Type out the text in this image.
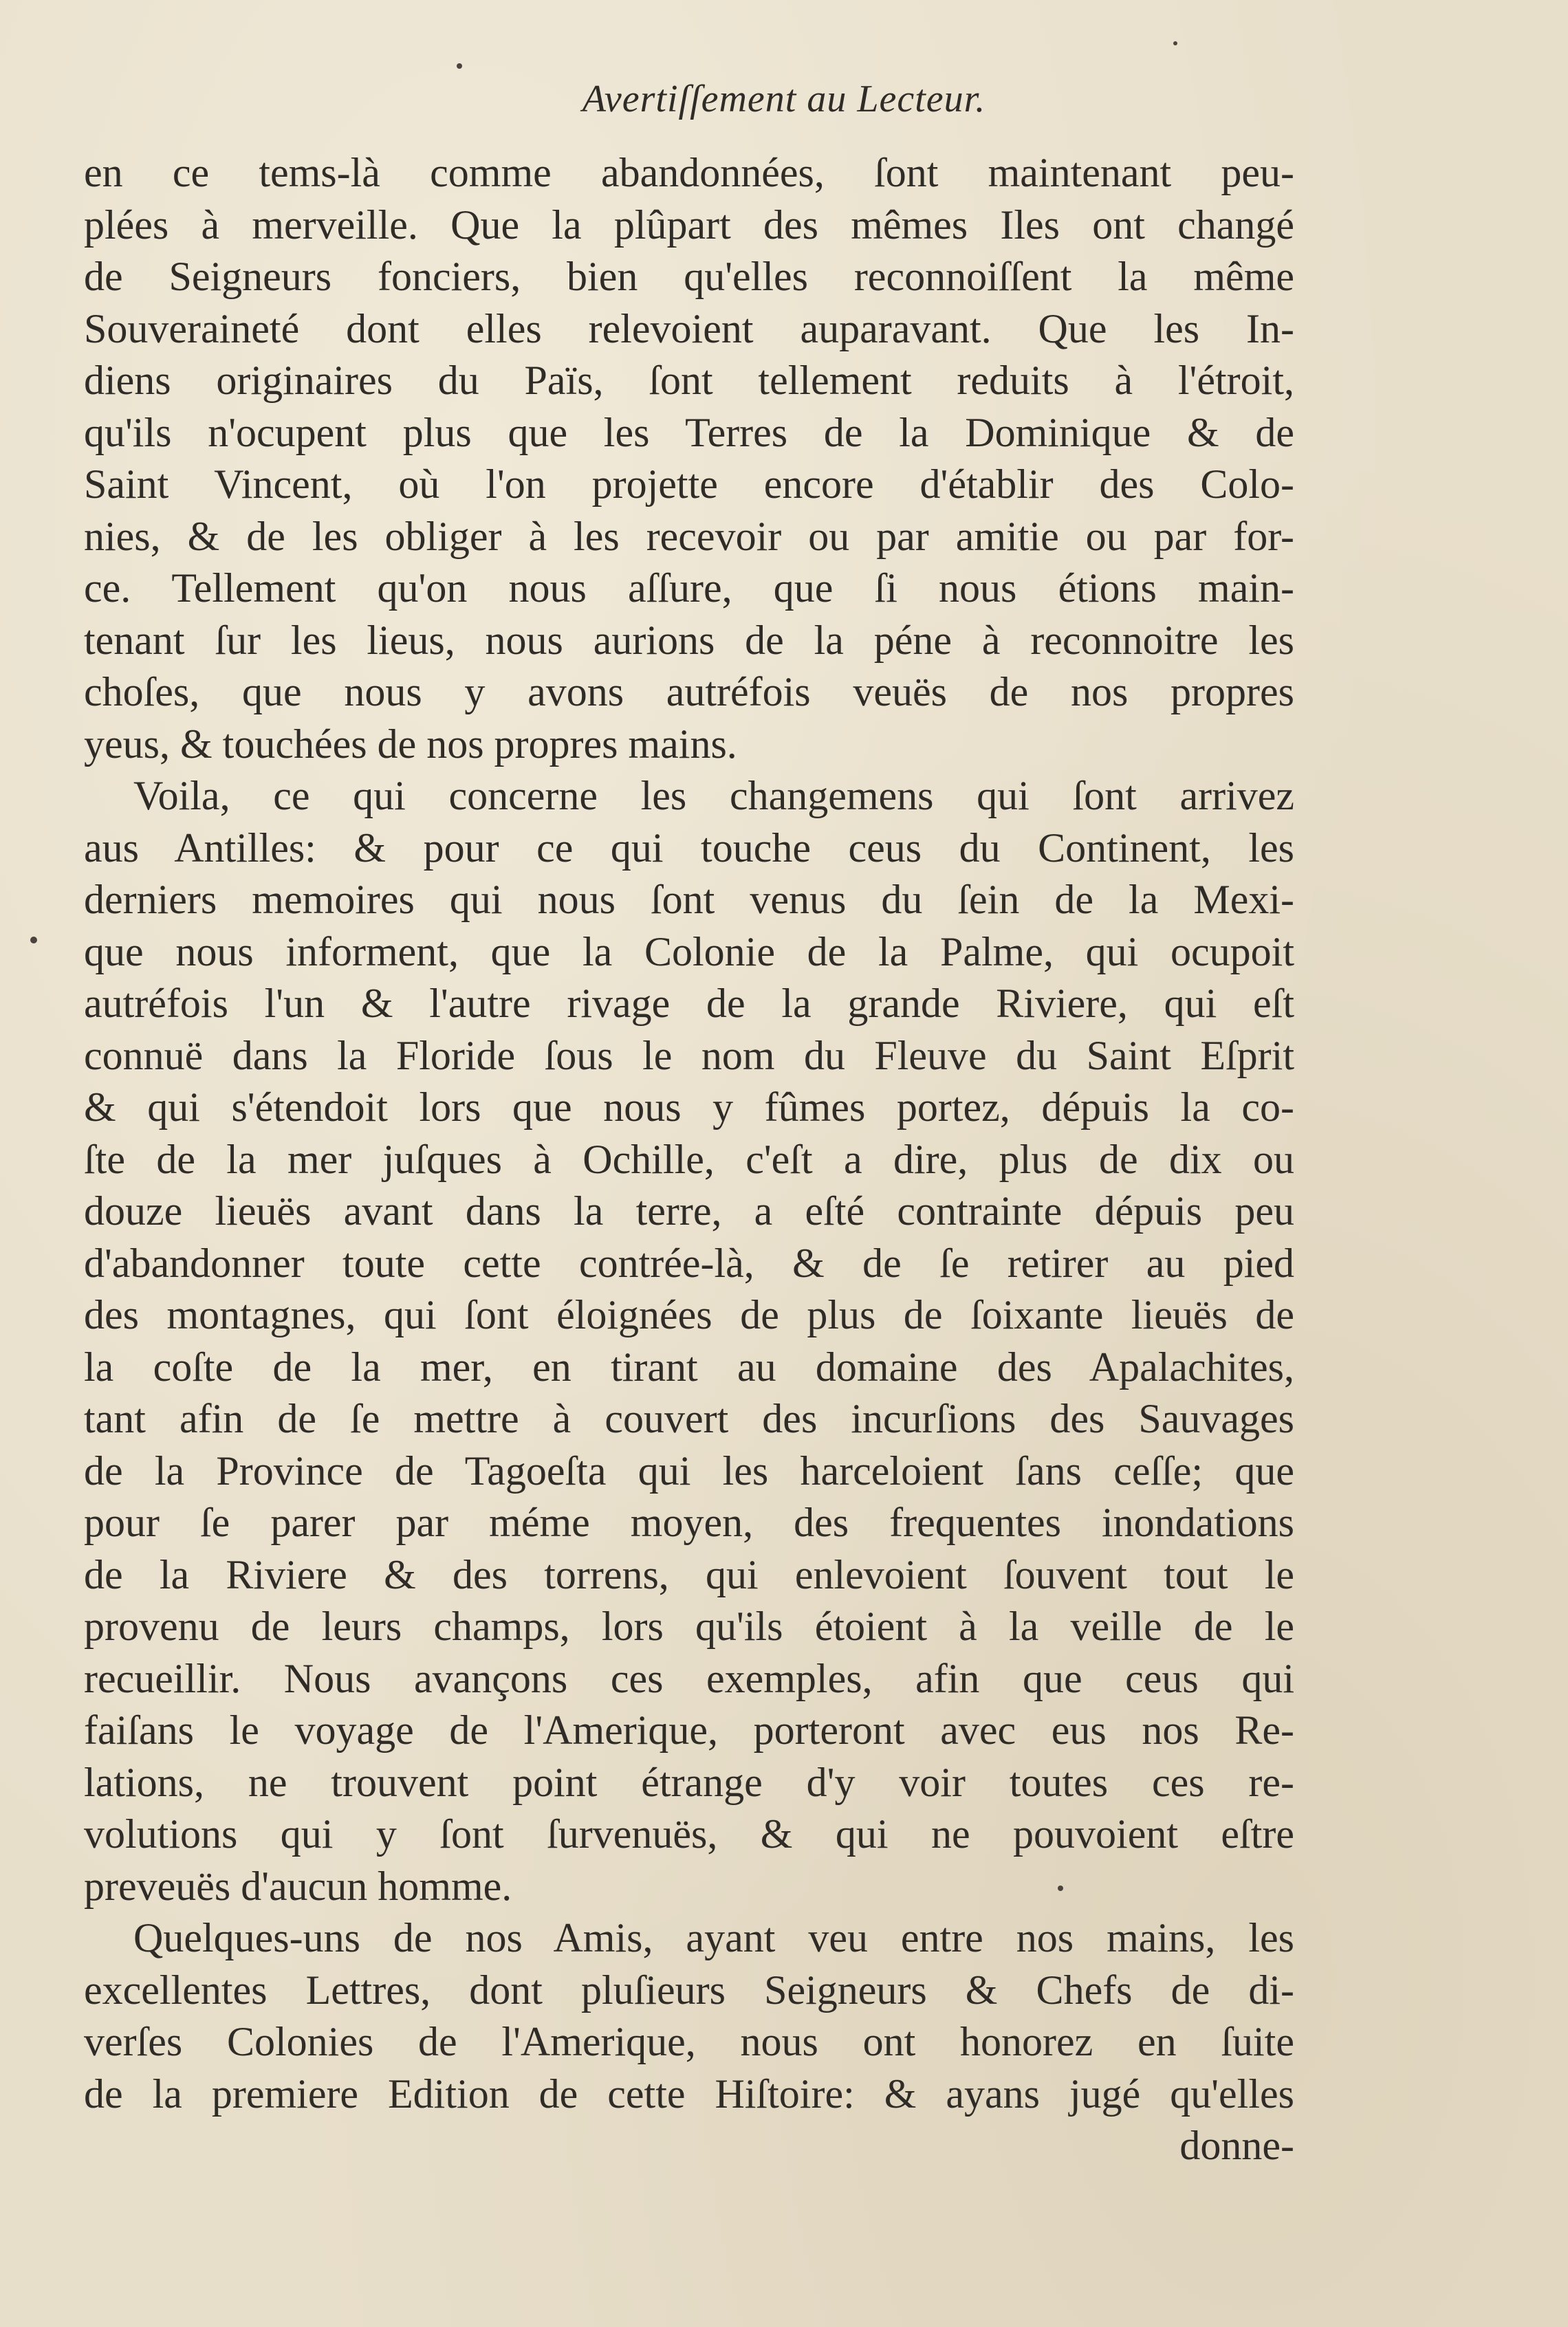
Avertiſſement au Lecteur.
en ce tems-là comme abandonnées, ſont maintenant peu-
plées à merveille. Que la plûpart des mêmes Iles ont changé
de Seigneurs fonciers, bien qu'elles reconnoiſſent la même
Souveraineté dont elles relevoient auparavant. Que les In-
diens originaires du Païs, ſont tellement reduits à l'étroit,
qu'ils n'ocupent plus que les Terres de la Dominique & de
Saint Vincent, où l'on projette encore d'établir des Colo-
nies, & de les obliger à les recevoir ou par amitie ou par for-
ce. Tellement qu'on nous aſſure, que ſi nous étions main-
tenant ſur les lieus, nous aurions de la péne à reconnoitre les
choſes, que nous y avons autréfois veuës de nos propres
yeus, & touchées de nos propres mains.
Voila, ce qui concerne les changemens qui ſont arrivez
aus Antilles: & pour ce qui touche ceus du Continent, les
derniers memoires qui nous ſont venus du ſein de la Mexi-
que nous informent, que la Colonie de la Palme, qui ocupoit
autréfois l'un & l'autre rivage de la grande Riviere, qui eſt
connuë dans la Floride ſous le nom du Fleuve du Saint Eſprit
& qui s'étendoit lors que nous y fûmes portez, dépuis la co-
ſte de la mer juſques à Ochille, c'eſt a dire, plus de dix ou
douze lieuës avant dans la terre, a eſté contrainte dépuis peu
d'abandonner toute cette contrée-là, & de ſe retirer au pied
des montagnes, qui ſont éloignées de plus de ſoixante lieuës de
la coſte de la mer, en tirant au domaine des Apalachites,
tant afin de ſe mettre à couvert des incurſions des Sauvages
de la Province de Tagoeſta qui les harceloient ſans ceſſe; que
pour ſe parer par méme moyen, des frequentes inondations
de la Riviere & des torrens, qui enlevoient ſouvent tout le
provenu de leurs champs, lors qu'ils étoient à la veille de le
recueillir. Nous avançons ces exemples, afin que ceus qui
faiſans le voyage de l'Amerique, porteront avec eus nos Re-
lations, ne trouvent point étrange d'y voir toutes ces re-
volutions qui y ſont ſurvenuës, & qui ne pouvoient eſtre
preveuës d'aucun homme.
Quelques-uns de nos Amis, ayant veu entre nos mains, les
excellentes Lettres, dont pluſieurs Seigneurs & Chefs de di-
verſes Colonies de l'Amerique, nous ont honorez en ſuite
de la premiere Edition de cette Hiſtoire: & ayans jugé qu'elles
donne-
